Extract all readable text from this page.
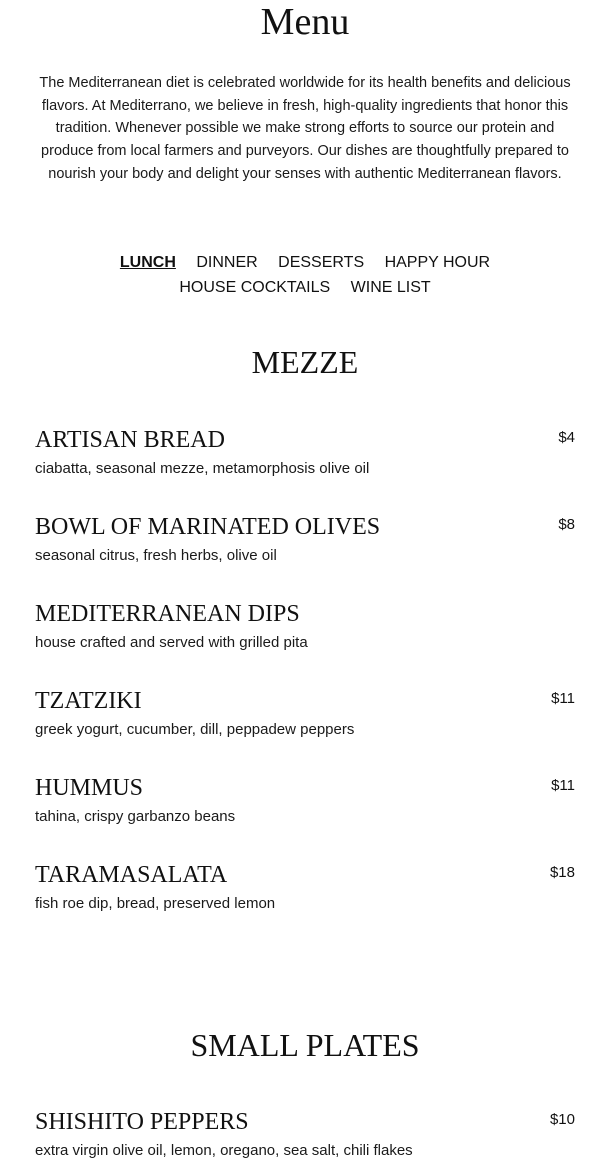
Menu

The Mediterranean diet is celebrated worldwide for its health benefits and delicious flavors. At Mediterrano, we believe in fresh, high-quality ingredients that honor this tradition. Whenever possible we make strong efforts to source our protein and produce from local farmers and purveyors. Our dishes are thoughtfully prepared to nourish your body and delight your senses with authentic Mediterranean flavors.

LUNCH DINNER DESSERTS HAPPY HOUR HOUSE COCKTAILS WINE LIST
MEZZE
ARTISAN BREAD	$4

ciabatta, seasonal mezze, metamorphosis olive oil

BOWL OF MARINATED OLIVES	$8

seasonal citrus, fresh herbs, olive oil

MEDITERRANEAN DIPS

house crafted and served with grilled pita

TZATZIKI	$11

greek yogurt, cucumber, dill, peppadew peppers

HUMMUS	$11

tahina, crispy garbanzo beans

TARAMASALATA	$18

fish roe dip, bread, preserved lemon

SMALL PLATES
SHISHITO PEPPERS	$10

extra virgin olive oil, lemon, oregano, sea salt, chili flakes
